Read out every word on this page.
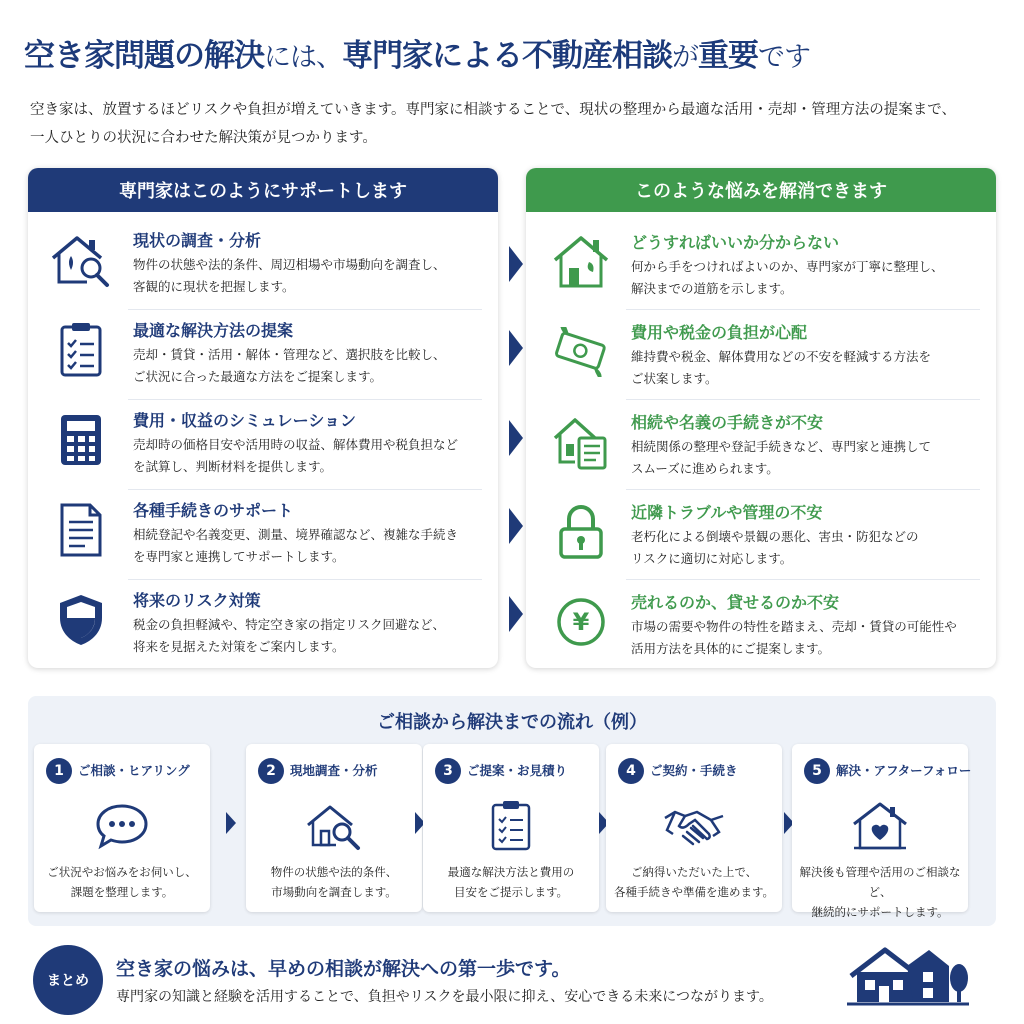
空き家問題の解決には、専門家による不動産相談が重要です
空き家は、放置するほどリスクや負担が増えていきます。専門家に相談することで、現状の整理から最適な活用・売却・管理方法の提案まで、
一人ひとりの状況に合わせた解決策が見つかります。
専門家はこのようにサポートします
現状の調査・分析
物件の状態や法的条件、周辺相場や市場動向を調査し、
客観的に現状を把握します。
最適な解決方法の提案
売却・賃貸・活用・解体・管理など、選択肢を比較し、
ご状況に合った最適な方法をご提案します。
費用・収益のシミュレーション
売却時の価格目安や活用時の収益、解体費用や税負担など
を試算し、判断材料を提供します。
各種手続きのサポート
相続登記や名義変更、測量、境界確認など、複雑な手続き
を専門家と連携してサポートします。
将来のリスク対策
税金の負担軽減や、特定空き家の指定リスク回避など、
将来を見据えた対策をご案内します。
このような悩みを解消できます
どうすればいいか分からない
何から手をつければよいのか、専門家が丁寧に整理し、
解決までの道筋を示します。
費用や税金の負担が心配
維持費や税金、解体費用などの不安を軽減する方法を
ご状案します。
相続や名義の手続きが不安
相続関係の整理や登記手続きなど、専門家と連携して
スムーズに進められます。
近隣トラブルや管理の不安
老朽化による倒壊や景観の悪化、害虫・防犯などの
リスクに適切に対応します。
¥
売れるのか、貸せるのか不安
市場の需要や物件の特性を踏まえ、売却・賃貸の可能性や
活用方法を具体的にご提案します。
ご相談から解決までの流れ（例）
1	ご相談・ヒアリング
ご状況やお悩みをお伺いし、
課題を整理します。
2	現地調査・分析
物件の状態や法的条件、
市場動向を調査します。
3	ご提案・お見積り
最適な解決方法と費用の
目安をご提示します。
4	ご契約・手続き
ご納得いただいた上で、
各種手続きや準備を進めます。
5	解決・アフターフォロー
解決後も管理や活用のご相談など、
継続的にサポートします。
まとめ
空き家の悩みは、早めの相談が解決への第一歩です。
専門家の知識と経験を活用することで、負担やリスクを最小限に抑え、安心できる未来につながります。
